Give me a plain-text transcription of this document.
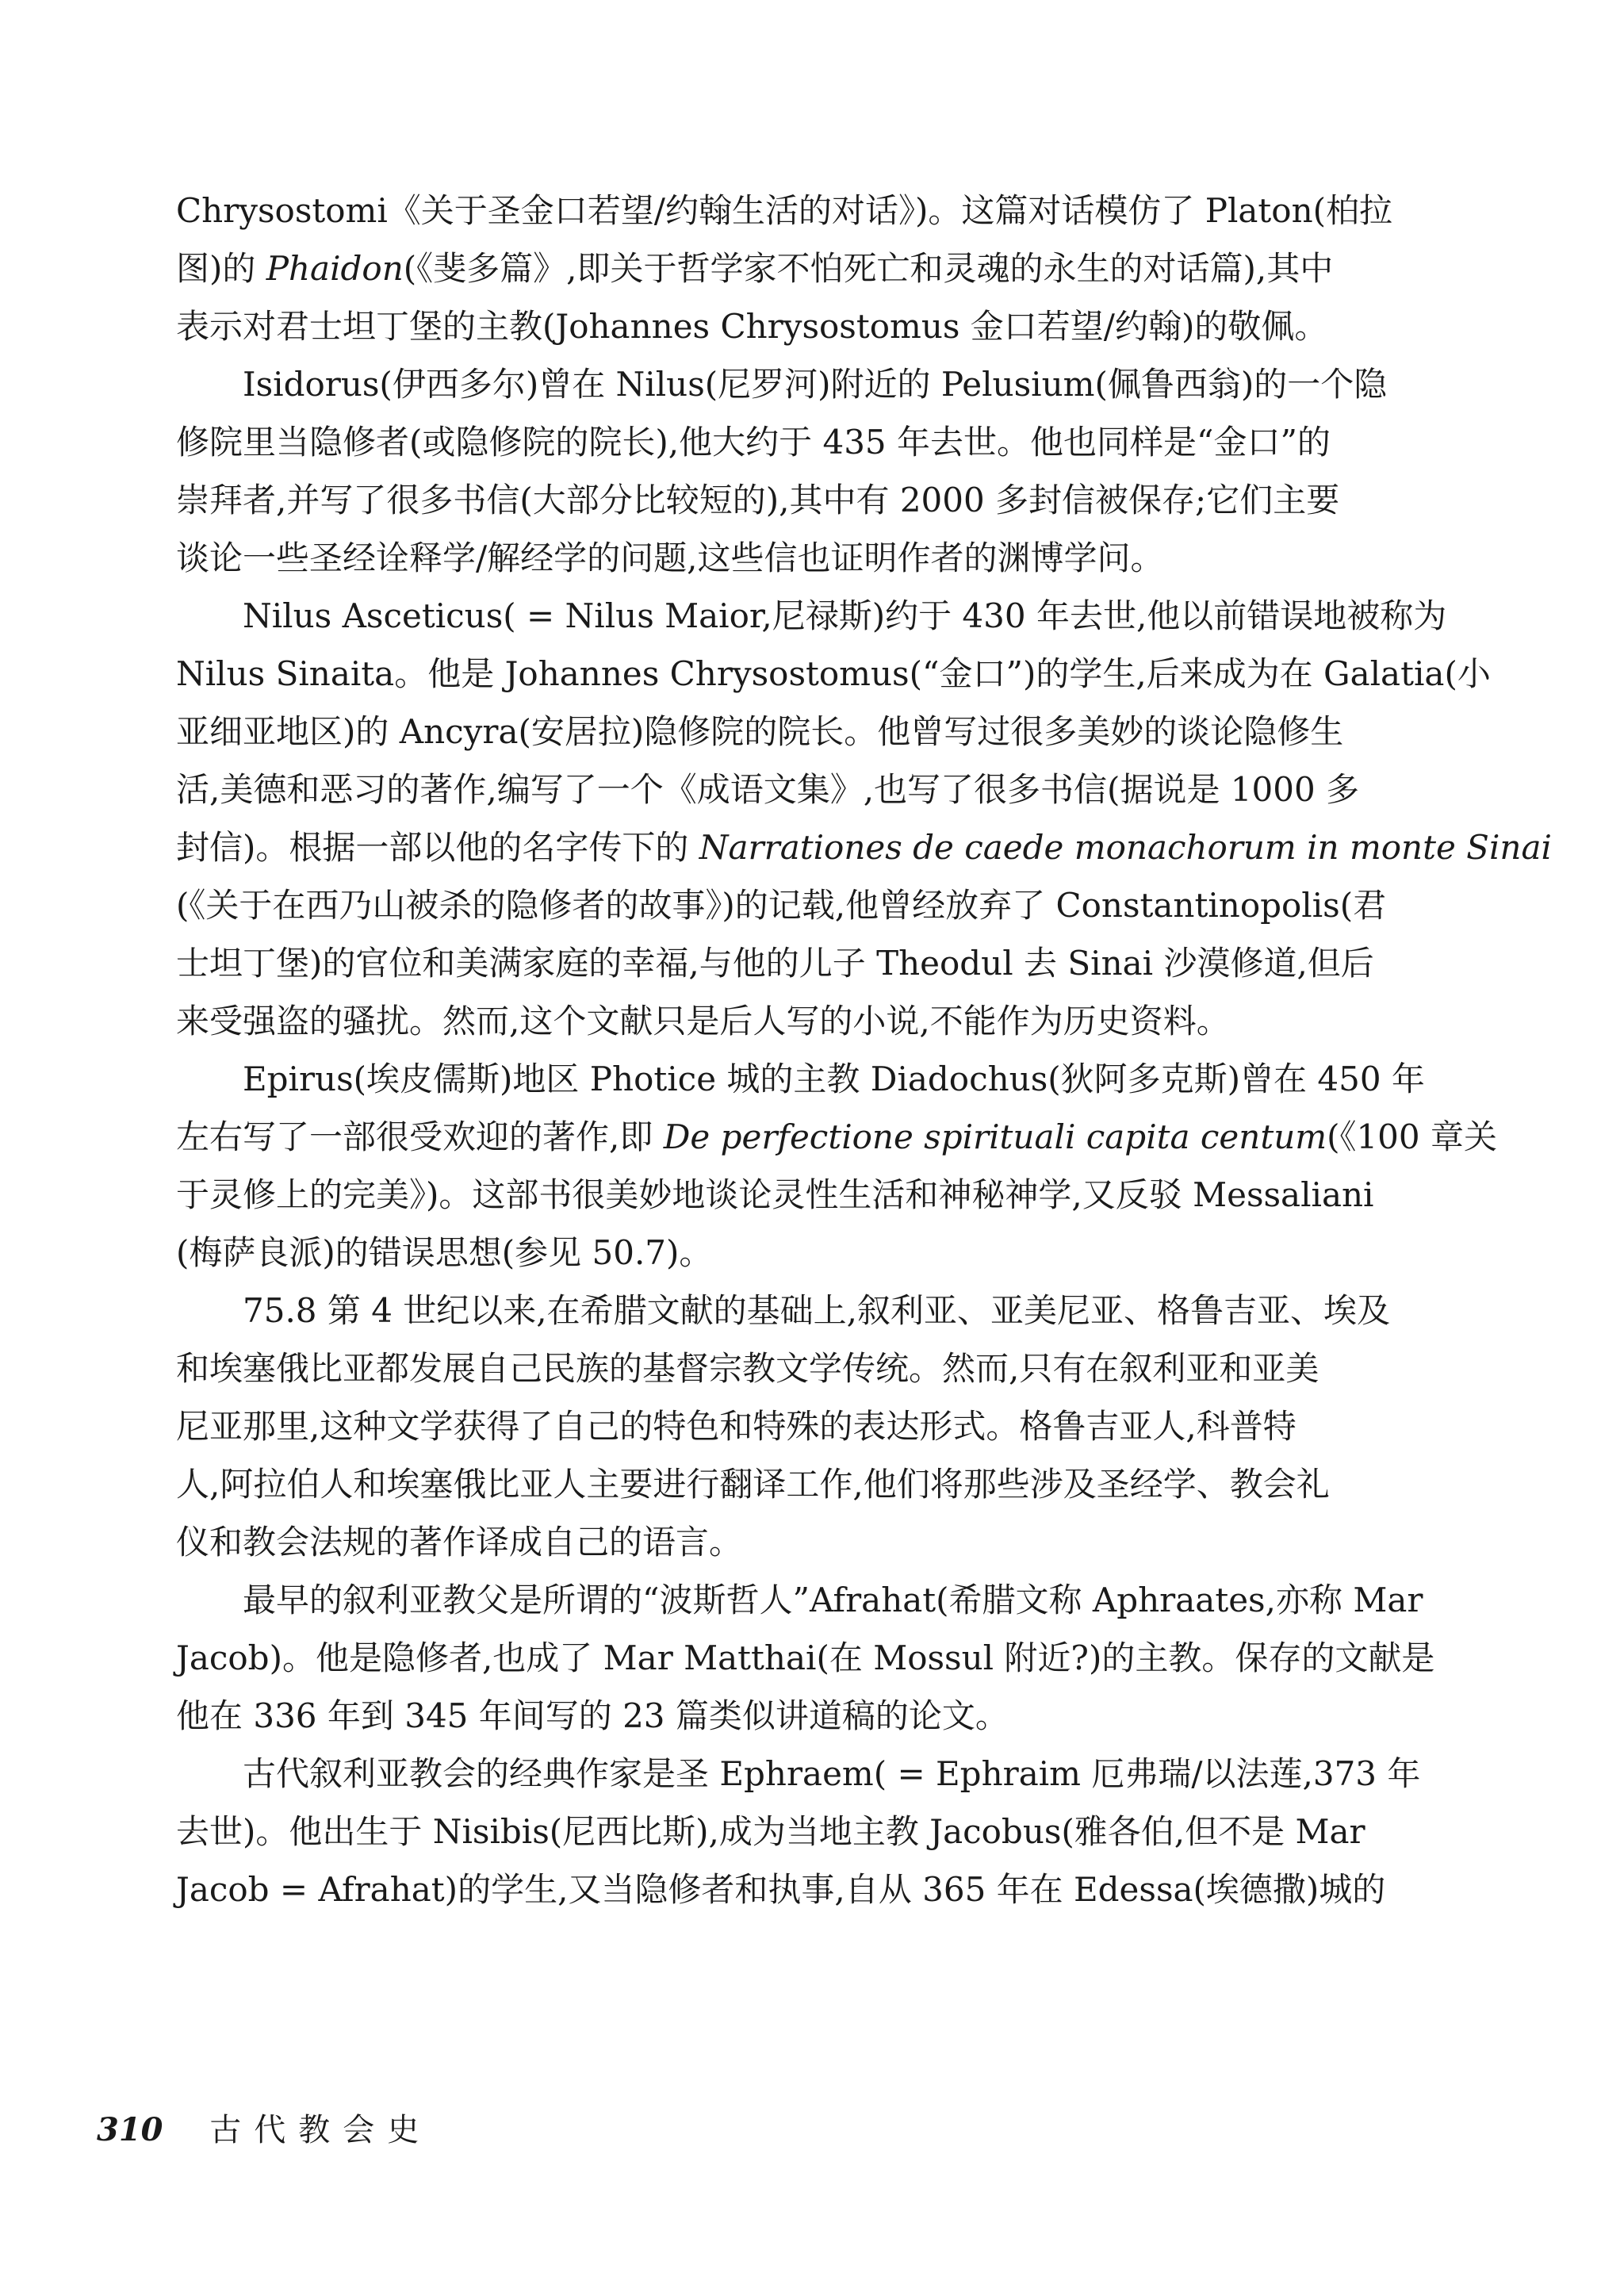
Chrysostomi《关于圣金口若望/约翰生活的对话》)。这篇对话模仿了 Platon(柏拉
图)的 Phaidon(《斐多篇》,即关于哲学家不怕死亡和灵魂的永生的对话篇),其中
表示对君士坦丁堡的主教(Johannes Chrysostomus 金口若望/约翰)的敬佩。
Isidorus(伊西多尔)曾在 Nilus(尼罗河)附近的 Pelusium(佩鲁西翁)的一个隐
修院里当隐修者(或隐修院的院长),他大约于 435 年去世。他也同样是“金口”的
崇拜者,并写了很多书信(大部分比较短的),其中有 2000 多封信被保存;它们主要
谈论一些圣经诠释学/解经学的问题,这些信也证明作者的渊博学问。
Nilus Asceticus( = Nilus Maior,尼禄斯)约于 430 年去世,他以前错误地被称为
Nilus Sinaita。他是 Johannes Chrysostomus(“金口”)的学生,后来成为在 Galatia(小
亚细亚地区)的 Ancyra(安居拉)隐修院的院长。他曾写过很多美妙的谈论隐修生
活,美德和恶习的著作,编写了一个《成语文集》,也写了很多书信(据说是 1000 多
封信)。根据一部以他的名字传下的 Narrationes de caede monachorum in monte Sinai
(《关于在西乃山被杀的隐修者的故事》)的记载,他曾经放弃了 Constantinopolis(君
士坦丁堡)的官位和美满家庭的幸福,与他的儿子 Theodul 去 Sinai 沙漠修道,但后
来受强盗的骚扰。然而,这个文献只是后人写的小说,不能作为历史资料。
Epirus(埃皮儒斯)地区 Photice 城的主教 Diadochus(狄阿多克斯)曾在 450 年
左右写了一部很受欢迎的著作,即 De perfectione spirituali capita centum(《100 章关
于灵修上的完美》)。这部书很美妙地谈论灵性生活和神秘神学,又反驳 Messaliani
(梅萨良派)的错误思想(参见 50.7)。
75.8 第 4 世纪以来,在希腊文献的基础上,叙利亚、亚美尼亚、格鲁吉亚、埃及
和埃塞俄比亚都发展自己民族的基督宗教文学传统。然而,只有在叙利亚和亚美
尼亚那里,这种文学获得了自己的特色和特殊的表达形式。格鲁吉亚人,科普特
人,阿拉伯人和埃塞俄比亚人主要进行翻译工作,他们将那些涉及圣经学、教会礼
仪和教会法规的著作译成自己的语言。
最早的叙利亚教父是所谓的“波斯哲人”Afrahat(希腊文称 Aphraates,亦称 Mar
Jacob)。他是隐修者,也成了 Mar Matthai(在 Mossul 附近?)的主教。保存的文献是
他在 336 年到 345 年间写的 23 篇类似讲道稿的论文。
古代叙利亚教会的经典作家是圣 Ephraem( = Ephraim 厄弗瑞/以法莲,373 年
去世)。他出生于 Nisibis(尼西比斯),成为当地主教 Jacobus(雅各伯,但不是 Mar
Jacob = Afrahat)的学生,又当隐修者和执事,自从 365 年在 Edessa(埃德撒)城的
310 古代教会史
